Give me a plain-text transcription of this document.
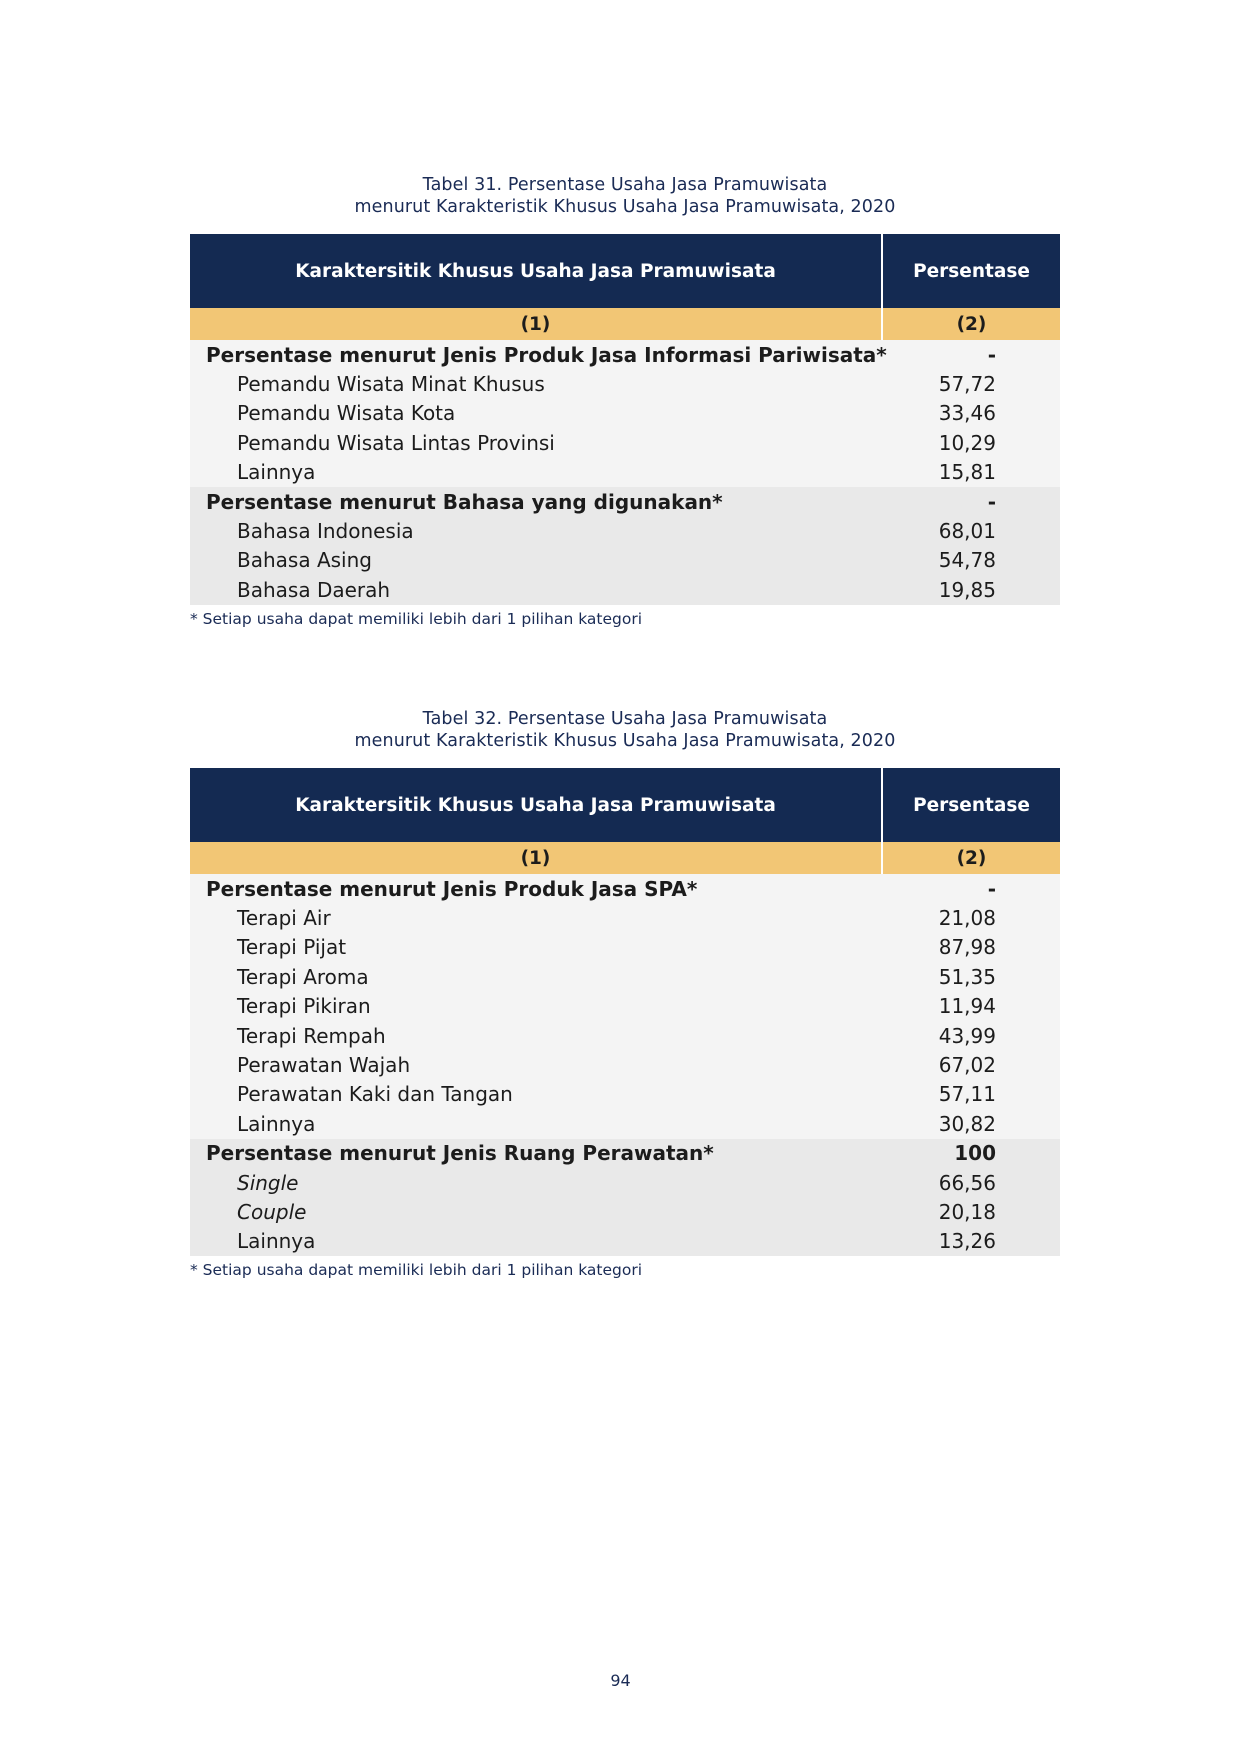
Tabel 31. Persentase Usaha Jasa Pramuwisata
menurut Karakteristik Khusus Usaha Jasa Pramuwisata, 2020
Karaktersitik Khusus Usaha Jasa Pramuwisata	Persentase
(1)	(2)
Persentase menurut Jenis Produk Jasa Informasi Pariwisata*	-
Pemandu Wisata Minat Khusus	57,72
Pemandu Wisata Kota	33,46
Pemandu Wisata Lintas Provinsi	10,29
Lainnya	15,81
Persentase menurut Bahasa yang digunakan*	-
Bahasa Indonesia	68,01
Bahasa Asing	54,78
Bahasa Daerah	19,85
* Setiap usaha dapat memiliki lebih dari 1 pilihan kategori
Tabel 32. Persentase Usaha Jasa Pramuwisata
menurut Karakteristik Khusus Usaha Jasa Pramuwisata, 2020
Karaktersitik Khusus Usaha Jasa Pramuwisata	Persentase
(1)	(2)
Persentase menurut Jenis Produk Jasa SPA*	-
Terapi Air	21,08
Terapi Pijat	87,98
Terapi Aroma	51,35
Terapi Pikiran	11,94
Terapi Rempah	43,99
Perawatan Wajah	67,02
Perawatan Kaki dan Tangan	57,11
Lainnya	30,82
Persentase menurut Jenis Ruang Perawatan*	100
Single	66,56
Couple	20,18
Lainnya	13,26
* Setiap usaha dapat memiliki lebih dari 1 pilihan kategori
94
